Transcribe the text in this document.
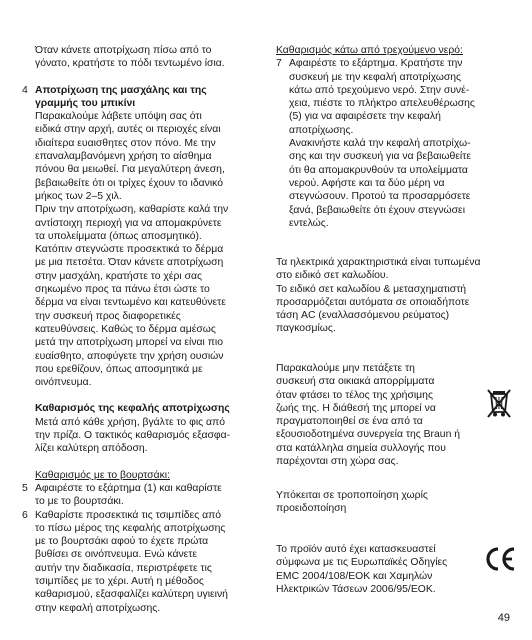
Όταν κάνετε αποτρίχωση πίσω από το
γόνατο, κρατήστε το πόδι τεντωμένο ίσια.

4 Αποτρίχωση της μασχάλης και της
γραμμής του μπικίνι

Παρακαλούμε λάβετε υπόψη σας ότι
ειδικά στην αρχή, αυτές οι περιοχές είναι
ιδιαίτερα ευαισθητες στον πόνο. Με την
επαναλαμβανόμενη χρήση το αίσθημα
πόνου θα μειωθεί. Για μεγαλύτερη άνεση,
βεβαιωθείτε ότι οι τρίχες έχουν το ιδανικό
μήκος των 2–5 χιλ.
Πριν την αποτρίχωση, καθαρίστε καλά την
αντίστοιχη περιοχή για να απομακρύνετε
τα υπολείμματα (όπως αποσμητικό).
Κατόπιν στεγνώστε προσεκτικά το δέρμα
με μια πετσέτα. Όταν κάνετε αποτρίχωση
στην μασχάλη, κρατήστε το χέρι σας
σηκωμένο προς τα πάνω έτσι ώστε το
δέρμα να είναι τεντωμένο και κατευθύνετε
την συσκευή προς διαφορετικές
κατευθύνσεις. Καθώς το δέρμα αμέσως
μετά την αποτρίχωση μπορεί να είναι πιο
ευαίσθητο, αποφύγετε την χρήση ουσιών
που ερεθίζουν, όπως αποσμητικά με
οινόπνευμα.

Καθαρισμός της κεφαλής αποτρίχωσης

Μετά από κάθε χρήση, βγάλτε το φις από
την πρίζα. Ο τακτικός καθαρισμός εξασφα-
λίζει καλύτερη απόδοση.

Καθαρισμός με το βουρτσάκι:

5 Αφαιρέστε το εξάρτημα (1) και καθαρίστε
το με το βουρτσάκι.

6 Καθαρίστε προσεκτικά τις τσιμπίδες από
το πίσω μέρος της κεφαλής αποτρίχωσης
με το βουρτσάκι αφού το έχετε πρώτα
βυθίσει σε οινόπνευμα. Ενώ κάνετε
αυτήν την διαδικασία, περιστρέφετε τις
τσιμπίδες με το χέρι. Αυτή η μέθοδος
καθαρισμού, εξασφαλίζει καλύτερη υγιεινή
στην κεφαλή αποτρίχωσης.

Καθαρισμός κάτω από τρεχούμενο νερό:

7 Αφαιρέστε το εξάρτημα. Κρατήστε την
συσκευή με την κεφαλή αποτρίχωσης
κάτω από τρεχούμενο νερό. Στην συνέ-
χεια, πιέστε το πλήκτρο απελευθέρωσης
(5) για να αφαιρέσετε την κεφαλή
αποτρίχωσης.
Ανακινήστε καλά την κεφαλή αποτρίχω-
σης και την συσκευή για να βεβαιωθείτε
ότι θα απομακρυνθούν τα υπολείμματα
νερού. Αφήστε και τα δύο μέρη να
στεγνώσουν. Προτού τα προσαρμόσετε
ξανά, βεβαιωθείτε ότι έχουν στεγνώσει
εντελώς.

Τα ηλεκτρικά χαρακτηριστικά είναι τυπωμένα
στο ειδικό σετ καλωδίου.
Το ειδικό σετ καλωδίου & μετασχηματιστή
προσαρμόζεται αυτόματα σε οποιαδήποτε
τάση AC (εναλλασσόμενου ρεύματος)
παγκοσμίως.

Παρακαλούμε μην πετάξετε τη
συσκευή στα οικιακά απορρίμματα
όταν φτάσει το τέλος της χρήσιμης
ζωής της. Η διάθεσή της μπορεί να
πραγματοποιηθεί σε ένα από τα
εξουσιοδοτημένα συνεργεία της Braun ή
στα κατάλληλα σημεία συλλογής που
παρέχονται στη χώρα σας.

Υπόκειται σε τροποποίηση χωρίς
προειδοποίηση

Το προϊόν αυτό έχει κατασκευαστεί
σύμφωνα με τις Ευρωπαϊκές Οδηγίες
EMC 2004/108/ΕΟΚ και Χαμηλών
Ηλεκτρικών Τάσεων 2006/95/ΕΟΚ.

49
